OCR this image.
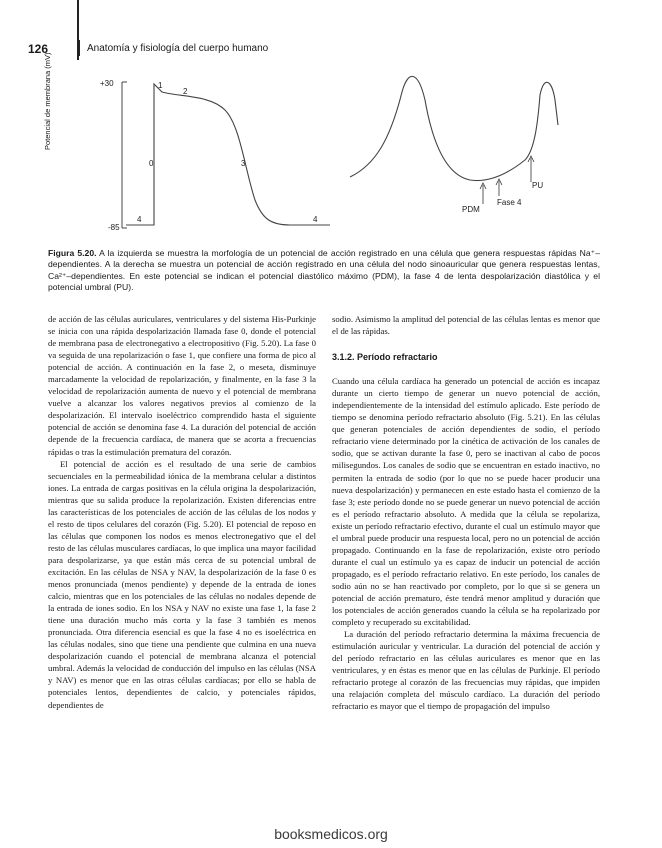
126	Anatomía y fisiología del cuerpo humano
Potencial de membrana (mV)	+30
-85
0
1
2
3
4	4
PDM
Fase 4
PU
Figura 5.20. A la izquierda se muestra la morfología de un potencial de acción registrado en una célula que genera respuestas rápidas Na⁺–dependientes. A la derecha se muestra un potencial de acción registrado en una célula del nodo sinoauricular que genera respuestas lentas, Ca²⁺–dependientes. En este potencial se indican el potencial diastólico máximo (PDM), la fase 4 de lenta despolarización diastólica y el potencial umbral (PU).

de acción de las células auriculares, ventriculares y del sistema His-Purkinje se inicia con una rápida despolarización llamada fase 0, donde el potencial de membrana pasa de electronegativo a electropositivo (Fig. 5.20). La fase 0 va seguida de una repolarización o fase 1, que confiere una forma de pico al potencial de acción. A continuación en la fase 2, o meseta, disminuye marcadamente la velocidad de repolarización, y finalmente, en la fase 3 la velocidad de repolarización aumenta de nuevo y el potencial de membrana vuelve a alcanzar los valores negativos previos al comienzo de la despolarización. El intervalo isoeléctrico comprendido hasta el siguiente potencial de acción se denomina fase 4. La duración del potencial de acción depende de la frecuencia cardíaca, de manera que se acorta a frecuencias rápidas o tras la estimulación prematura del corazón.

El potencial de acción es el resultado de una serie de cambios secuenciales en la permeabilidad iónica de la membrana celular a distintos iones. La entrada de cargas positivas en la célula origina la despolarización, mientras que su salida produce la repolarización. Existen diferencias entre las características de los potenciales de acción de las células de los nodos y el resto de tipos celulares del corazón (Fig. 5.20). El potencial de reposo en las células que componen los nodos es menos electronegativo que el del resto de las células musculares cardíacas, lo que implica una mayor facilidad para despolarizarse, ya que están más cerca de su potencial umbral de excitación. En las células de NSA y NAV, la despolarización de la fase 0 es menos pronunciada (menos pendiente) y depende de la entrada de iones calcio, mientras que en los potenciales de las células no nodales depende de la entrada de iones sodio. En los NSA y NAV no existe una fase 1, la fase 2 tiene una duración mucho más corta y la fase 3 también es menos pronunciada. Otra diferencia esencial es que la fase 4 no es isoeléctrica en las células nodales, sino que tiene una pendiente que culmina en una nueva despolarización cuando el potencial de membrana alcanza el potencial umbral. Además la velocidad de conducción del impulso en las células (NSA y NAV) es menor que en las otras células cardíacas; por ello se habla de potenciales lentos, dependientes de calcio, y potenciales rápidos, dependientes de

sodio. Asimismo la amplitud del potencial de las células lentas es menor que el de las rápidas.

3.1.2. Período refractario

Cuando una célula cardíaca ha generado un potencial de acción es incapaz durante un cierto tiempo de generar un nuevo potencial de acción, independientemente de la intensidad del estímulo aplicado. Este período de tiempo se denomina período refractario absoluto (Fig. 5.21). En las células que generan potenciales de acción dependientes de sodio, el período refractario viene determinado por la cinética de activación de los canales de sodio, que se activan durante la fase 0, pero se inactivan al cabo de pocos milisegundos. Los canales de sodio que se encuentran en estado inactivo, no permiten la entrada de sodio (por lo que no se puede hacer producir una nueva despolarización) y permanecen en este estado hasta el comienzo de la fase 3; este período donde no se puede generar un nuevo potencial de acción es el período refractario absoluto. A medida que la célula se repolariza, existe un período refractario efectivo, durante el cual un estímulo mayor que el umbral puede producir una respuesta local, pero no un potencial de acción propagado. Continuando en la fase de repolarización, existe otro período durante el cual un estímulo ya es capaz de inducir un potencial de acción propagado, es el período refractario relativo. En este período, los canales de sodio aún no se han reactivado por completo, por lo que si se genera un potencial de acción prematuro, éste tendrá menor amplitud y duración que los potenciales de acción generados cuando la célula se ha repolarizado por completo y recuperado su excitabilidad.

La duración del período refractario determina la máxima frecuencia de estimulación auricular y ventricular. La duración del potencial de acción y del período refractario en las células auriculares es menor que en las ventriculares, y en éstas es menor que en las células de Purkinje. El período refractario protege al corazón de las frecuencias muy rápidas, que impiden una relajación completa del músculo cardíaco. La duración del período refractario es mayor que el tiempo de propagación del impulso

booksmedicos.org
